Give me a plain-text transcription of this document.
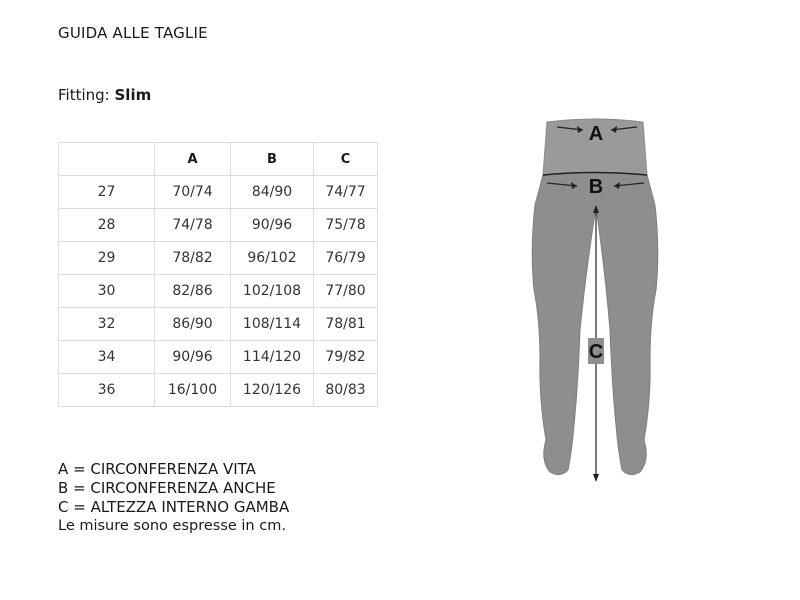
GUIDA ALLE TAGLIE
Fitting: Slim
	A	B	C
27	70/74	84/90	74/77
28	74/78	90/96	75/78
29	78/82	96/102	76/79
30	82/86	102/108	77/80
32	86/90	108/114	78/81
34	90/96	114/120	79/82
36	16/100	120/126	80/83
A = CIRCONFERENZA VITA
B = CIRCONFERENZA ANCHE
C = ALTEZZA INTERNO GAMBA
Le misure sono espresse in cm.
A
B
C
